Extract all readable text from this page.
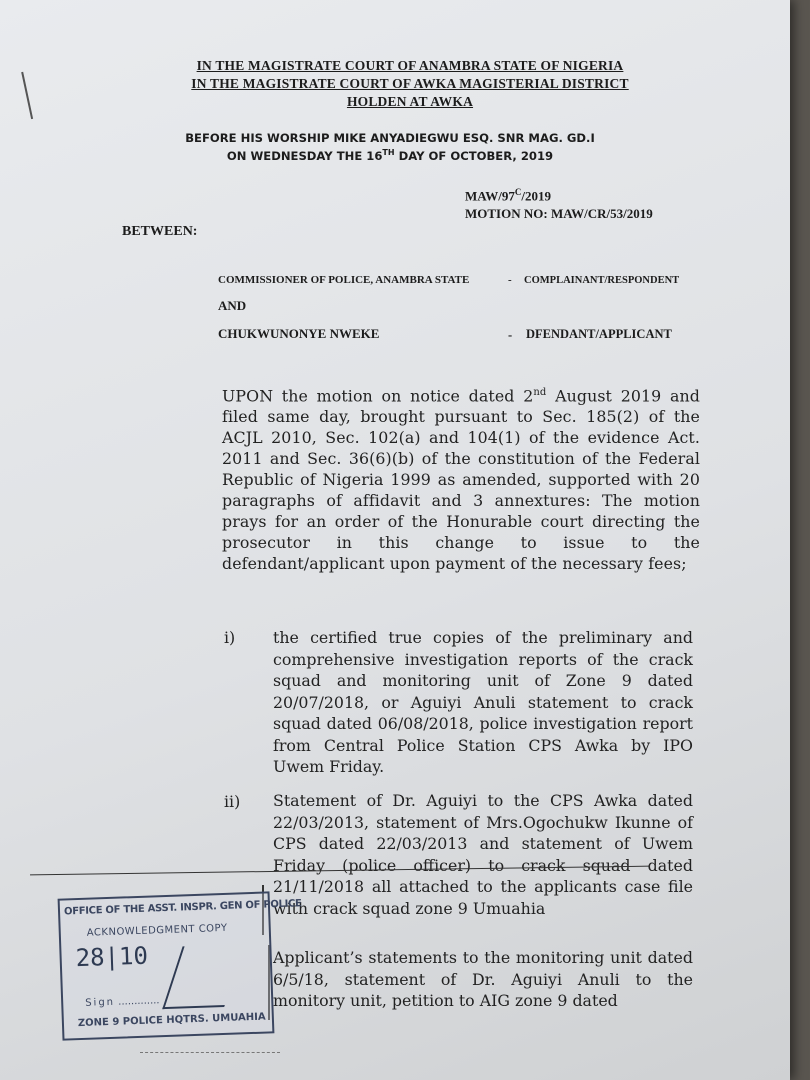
IN THE MAGISTRATE COURT OF ANAMBRA STATE OF NIGERIA
IN THE MAGISTRATE COURT OF AWKA MAGISTERIAL DISTRICT
HOLDEN AT AWKA
BEFORE HIS WORSHIP MIKE ANYADIEGWU ESQ. SNR MAG. GD.I
ON WEDNESDAY THE 16TH DAY OF OCTOBER, 2019
MAW/$97^C/2019$
MOTION NO: MAW/CR/53/2019
BETWEEN:
COMMISSIONER OF POLICE, ANAMBRA STATE	- COMPLAINANT/RESPONDENT
AND
CHUKWUNONYE NWEKE	- DFENDANT/APPLICANT
UPON the motion on notice dated 2nd August 2019 and filed same day, brought pursuant to Sec. 185(2) of the ACJL 2010, Sec. 102(a) and 104(1) of the evidence Act. 2011 and Sec. 36(6)(b) of the constitution of the Federal Republic of Nigeria 1999 as amended, supported with 20 paragraphs of affidavit and 3 annextures: The motion prays for an order of the Honurable court directing the prosecutor in this change to issue to the defendant/applicant upon payment of the necessary fees;
i) the certified true copies of the preliminary and comprehensive investigation reports of the crack squad and monitoring unit of Zone 9 dated 20/07/2018, or Aguiyi Anuli statement to crack squad dated 06/08/2018, police investigation report from Central Police Station CPS Awka by IPO Uwem Friday.
ii) Statement of Dr. Aguiyi to the CPS Awka dated 22/03/2013, statement of Mrs.Ogochukw Ikunne of CPS dated 22/03/2013 and statement of Uwem Friday (police officer) to crack squad dated 21/11/2018 all attached to the applicants case file with crack squad zone 9 Umuahia
Applicant’s statements to the monitoring unit dated 6/5/18, statement of Dr. Aguiyi Anuli to the monitory unit, petition to AIG zone 9 dated
OFFICE OF THE ASST. INSPR. GEN OF POLICE
ACKNOWLEDGMENT COPY
28|10
Sign .............
ZONE 9 POLICE HQTRS. UMUAHIA
